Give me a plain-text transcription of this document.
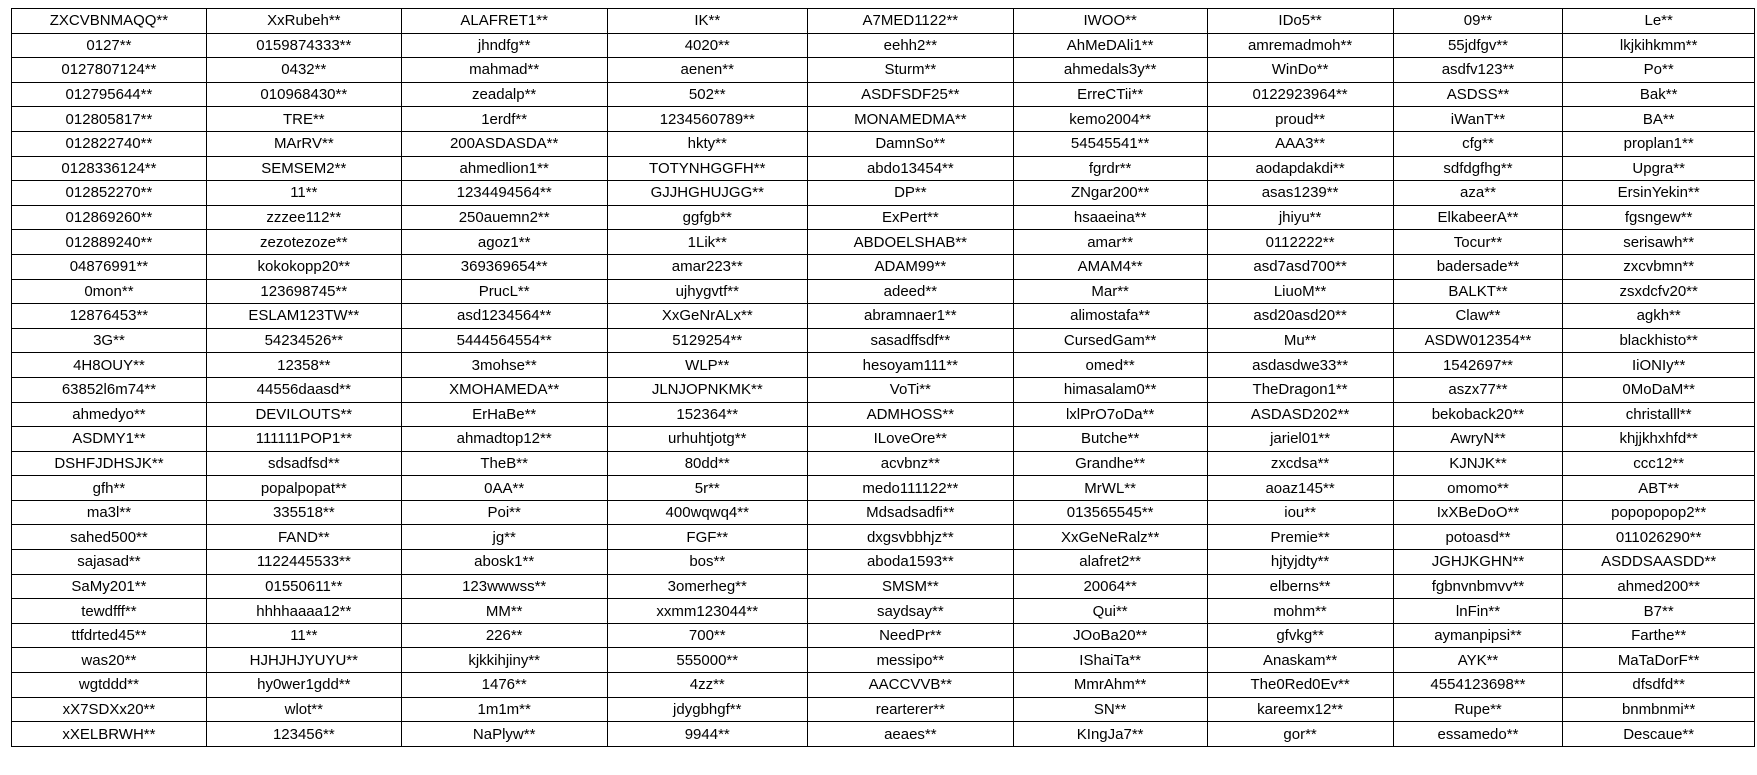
ZXCVBNMAQQ**	XxRubeh**	ALAFRET1**	IK**	A7MED1122**	IWOO**	IDo5**	09**	Le**
0127**	0159874333**	jhndfg**	4020**	eehh2**	AhMeDAli1**	amremadmoh**	55jdfgv**	lkjkihkmm**
0127807124**	0432**	mahmad**	aenen**	Sturm**	ahmedals3y**	WinDo**	asdfv123**	Po**
012795644**	010968430**	zeadalp**	502**	ASDFSDF25**	ErreCTii**	0122923964**	ASDSS**	Bak**
012805817**	TRE**	1erdf**	1234560789**	MONAMEDMA**	kemo2004**	proud**	iWanT**	BA**
012822740**	MArRV**	200ASDASDA**	hkty**	DamnSo**	54545541**	AAA3**	cfg**	proplan1**
0128336124**	SEMSEM2**	ahmedlion1**	TOTYNHGGFH**	abdo13454**	fgrdr**	aodapdakdi**	sdfdgfhg**	Upgra**
012852270**	11**	1234494564**	GJJHGHUJGG**	DP**	ZNgar200**	asas1239**	aza**	ErsinYekin**
012869260**	zzzee112**	250auemn2**	ggfgb**	ExPert**	hsaaeina**	jhiyu**	ElkabeerA**	fgsngew**
012889240**	zezotezoze**	agoz1**	1Lik**	ABDOELSHAB**	amar**	0112222**	Tocur**	serisawh**
04876991**	kokokopp20**	369369654**	amar223**	ADAM99**	AMAM4**	asd7asd700**	badersade**	zxcvbmn**
0mon**	123698745**	PrucL**	ujhygvtf**	adeed**	Mar**	LiuoM**	BALKT**	zsxdcfv20**
12876453**	ESLAM123TW**	asd1234564**	XxGeNrALx**	abramnaer1**	alimostafa**	asd20asd20**	Claw**	agkh**
3G**	54234526**	5444564554**	5129254**	sasadffsdf**	CursedGam**	Mu**	ASDW012354**	blackhisto**
4H8OUY**	12358**	3mohse**	WLP**	hesoyam111**	omed**	asdasdwe33**	1542697**	IiONIy**
63852l6m74**	44556daasd**	XMOHAMEDA**	JLNJOPNKMK**	VoTi**	himasalam0**	TheDragon1**	aszx77**	0MoDaM**
ahmedyo**	DEVILOUTS**	ErHaBe**	152364**	ADMHOSS**	lxlPrO7oDa**	ASDASD202**	bekoback20**	christalll**
ASDMY1**	111111POP1**	ahmadtop12**	urhuhtjotg**	ILoveOre**	Butche**	jariel01**	AwryN**	khjjkhxhfd**
DSHFJDHSJK**	sdsadfsd**	TheB**	80dd**	acvbnz**	Grandhe**	zxcdsa**	KJNJK**	ccc12**
gfh**	popalpopat**	0AA**	5r**	medo111122**	MrWL**	aoaz145**	omomo**	ABT**
ma3l**	335518**	Poi**	400wqwq4**	Mdsadsadfi**	013565545**	iou**	IxXBeDoO**	popopopop2**
sahed500**	FAND**	jg**	FGF**	dxgsvbbhjz**	XxGeNeRalz**	Premie**	potoasd**	011026290**
sajasad**	1122445533**	abosk1**	bos**	aboda1593**	alafret2**	hjtyjdty**	JGHJKGHN**	ASDDSAASDD**
SaMy201**	01550611**	123wwwss**	3omerheg**	SMSM**	20064**	elberns**	fgbnvnbmvv**	ahmed200**
tewdfff**	hhhhaaaa12**	MM**	xxmm123044**	saydsay**	Qui**	mohm**	lnFin**	B7**
ttfdrted45**	11**	226**	700**	NeedPr**	JOoBa20**	gfvkg**	aymanpipsi**	Farthe**
was20**	HJHJHJYUYU**	kjkkihjiny**	555000**	messipo**	IShaiTa**	Anaskam**	AYK**	MaTaDorF**
wgtddd**	hy0wer1gdd**	1476**	4zz**	AACCVVB**	MmrAhm**	The0Red0Ev**	4554123698**	dfsdfd**
xX7SDXx20**	wlot**	1m1m**	jdygbhgf**	rearterer**	SN**	kareemx12**	Rupe**	bnmbnmi**
xXELBRWH**	123456**	NaPlyw**	9944**	aeaes**	KIngJa7**	gor**	essamedo**	Descaue**
